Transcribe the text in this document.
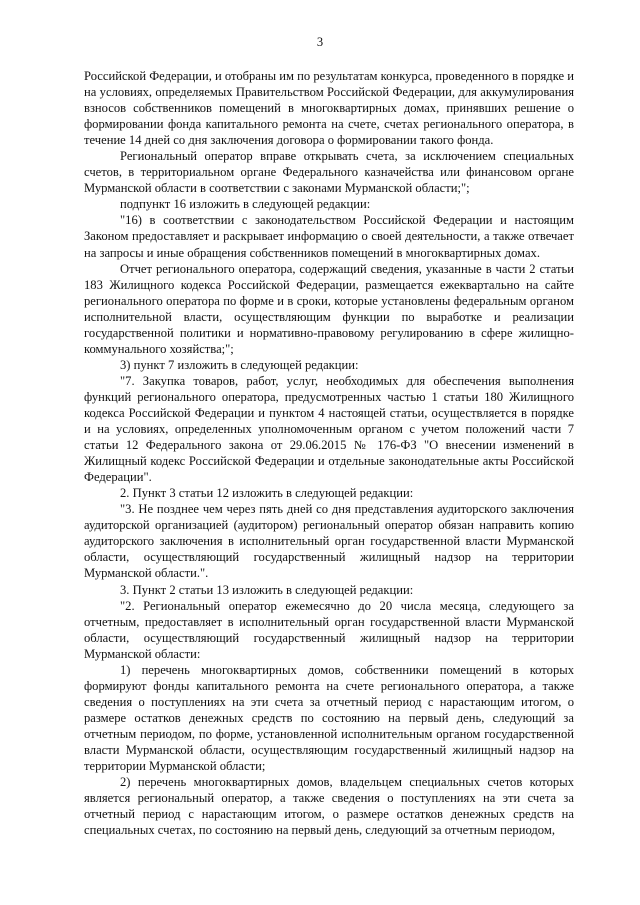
3

Российской Федерации, и отобраны им по результатам конкурса, проведенного в порядке и на условиях, определяемых Правительством Российской Федерации, для аккумулирования взносов собственников помещений в многоквартирных домах, принявших решение о формировании фонда капитального ремонта на счете, счетах регионального оператора, в течение 14 дней со дня заключения договора о формировании такого фонда.

Региональный оператор вправе открывать счета, за исключением специальных счетов, в территориальном органе Федерального казначейства или финансовом органе Мурманской области в соответствии с законами Мурманской области;";

подпункт 16 изложить в следующей редакции:

"16) в соответствии с законодательством Российской Федерации и настоящим Законом предоставляет и раскрывает информацию о своей деятельности, а также отвечает на запросы и иные обращения собственников помещений в многоквартирных домах.

Отчет регионального оператора, содержащий сведения, указанные в части 2 статьи 183 Жилищного кодекса Российской Федерации, размещается ежеквартально на сайте регионального оператора по форме и в сроки, которые установлены федеральным органом исполнительной власти, осуществляющим функции по выработке и реализации государственной политики и нормативно-правовому регулированию в сфере жилищно-коммунального хозяйства;";

3) пункт 7 изложить в следующей редакции:

"7. Закупка товаров, работ, услуг, необходимых для обеспечения выполнения функций регионального оператора, предусмотренных частью 1 статьи 180 Жилищного кодекса Российской Федерации и пунктом 4 настоящей статьи, осуществляется в порядке и на условиях, определенных уполномоченным органом с учетом положений части 7 статьи 12 Федерального закона от 29.06.2015 № 176-ФЗ "О внесении изменений в Жилищный кодекс Российской Федерации и отдельные законодательные акты Российской Федерации".

2. Пункт 3 статьи 12 изложить в следующей редакции:

"3. Не позднее чем через пять дней со дня представления аудиторского заключения аудиторской организацией (аудитором) региональный оператор обязан направить копию аудиторского заключения в исполнительный орган государственной власти Мурманской области, осуществляющий государственный жилищный надзор на территории Мурманской области.".

3. Пункт 2 статьи 13 изложить в следующей редакции:

"2. Региональный оператор ежемесячно до 20 числа месяца, следующего за отчетным, предоставляет в исполнительный орган государственной власти Мурманской области, осуществляющий государственный жилищный надзор на территории Мурманской области:

1) перечень многоквартирных домов, собственники помещений в которых формируют фонды капитального ремонта на счете регионального оператора, а также сведения о поступлениях на эти счета за отчетный период с нарастающим итогом, о размере остатков денежных средств по состоянию на первый день, следующий за отчетным периодом, по форме, установленной исполнительным органом государственной власти Мурманской области, осуществляющим государственный жилищный надзор на территории Мурманской области;

2) перечень многоквартирных домов, владельцем специальных счетов которых является региональный оператор, а также сведения о поступлениях на эти счета за отчетный период с нарастающим итогом, о размере остатков денежных средств на специальных счетах, по состоянию на первый день, следующий за отчетным периодом,
